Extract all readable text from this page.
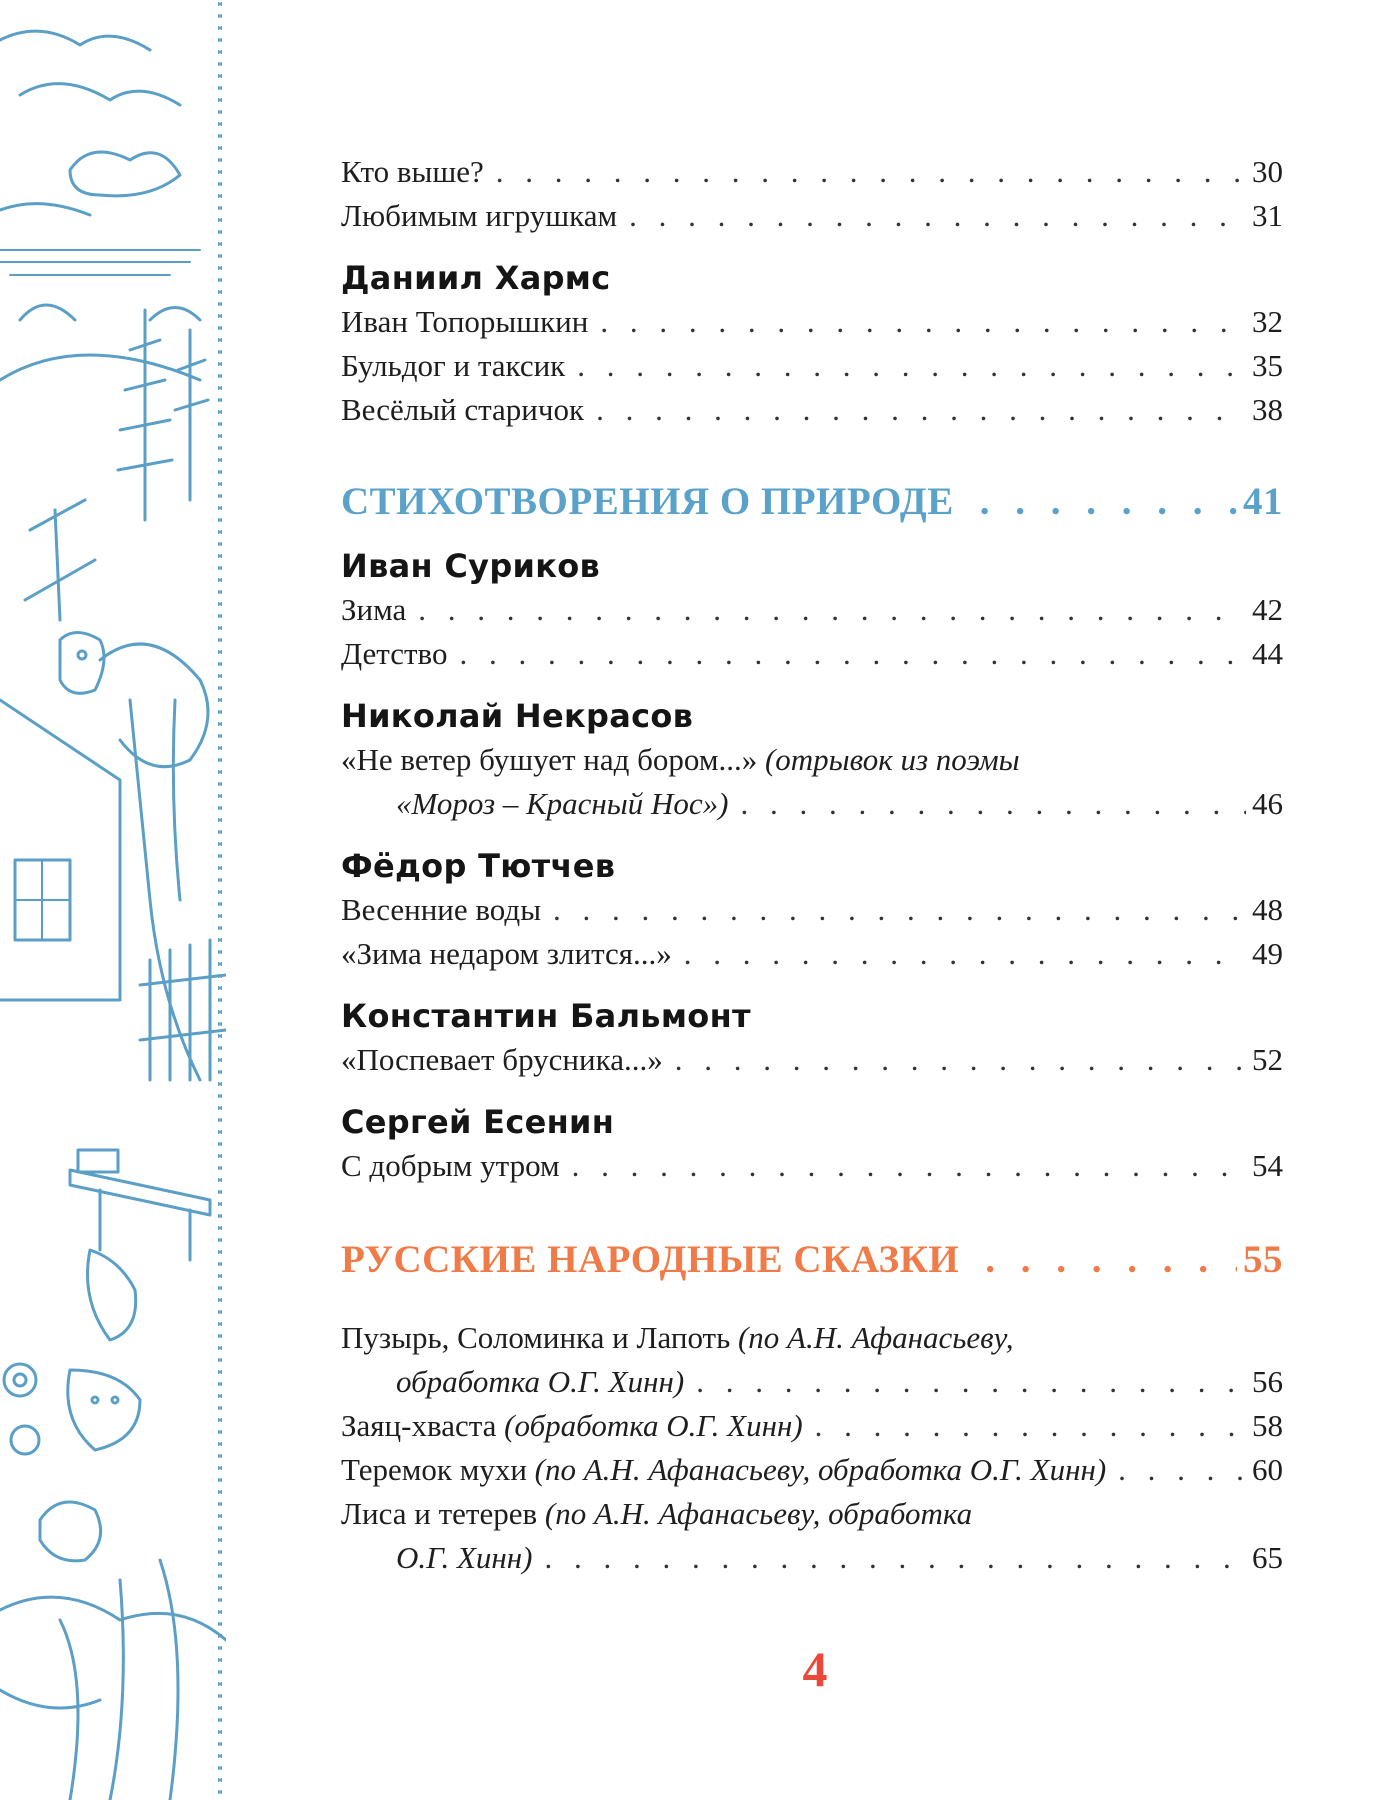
Кто выше? . . .	30
Любимым игрушкам . . .	31
Даниил Хармс
Иван Топорышкин . . .	32
Бульдог и таксик . . .	35
Весёлый старичок . . .	38
СТИХОТВОРЕНИЯ О ПРИРОДЕ . . .	41
Иван Суриков
Зима . . .	42
Детство . . .	44
Николай Некрасов
«Не ветер бушует над бором...» (отрывок из поэмы
«Мороз – Красный Нос») . . .	46
Фёдор Тютчев
Весенние воды . . .	48
«Зима недаром злится...» . . .	49
Константин Бальмонт
«Поспевает брусника...» . . .	52
Сергей Есенин
С добрым утром . . .	54
РУССКИЕ НАРОДНЫЕ СКАЗКИ . . .	55
Пузырь, Соломинка и Лапоть (по А.Н. Афанасьеву,
обработка О.Г. Хинн) . . .	56
Заяц-хваста (обработка О.Г. Хинн) . . .	58
Теремок мухи (по А.Н. Афанасьеву, обработка О.Г. Хинн) . . .	60
Лиса и тетерев (по А.Н. Афанасьеву, обработка
О.Г. Хинн) . . .	65
4
